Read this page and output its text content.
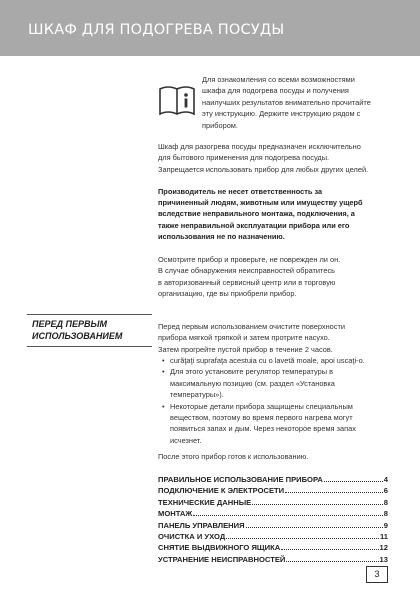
ШКАФ ДЛЯ ПОДОГРЕВА ПОСУДЫ
ПЕРЕД ПЕРВЫМ
ИСПОЛЬЗОВАНИЕМ
Для ознакомления со всеми возможностями
шкафа для подогрева посуды и получения
наилучших результатов внимательно прочитайте
эту инструкцию. Держите инструкцию рядом с
прибором.
Шкаф для разогрева посуды предназначен исключительно
для бытового применения для подогрева посуды.
Запрещается использовать прибор для любых других целей.
Производитель не несет ответственность за
причиненный людям, животным или имуществу ущерб
вследствие неправильного монтажа, подключения, а
также неправильной эксплуатации прибора или его
использования не по назначению.
Осмотрите прибор и проверьте, не поврежден ли он.
В случае обнаружения неисправностей обратитесь
в авторизованный сервисный центр или в торговую
организацию, где вы приобрели прибор.
Перед первым использованием очистите поверхности
прибора мягкой тряпкой и затем протрите насухо.
Затем прогрейте пустой прибор в течение 2 часов.
• curăţaţi suprafaţa acestuia cu o lavetă moale, apoi uscaţi-o.
• Для этого установите регулятор температуры в
максимальную позицию (см. раздел «Установка
температуры»).
• Некоторые детали прибора защищены специальным
веществом, поэтому во время первого нагрева могут
появиться запах и дым. Через некоторое время запах
исчезнет.
После этого прибор готов к использованию.
ПРАВИЛЬНОЕ ИСПОЛЬЗОВАНИЕ ПРИБОРА	4
ПОДКЛЮЧЕНИЕ К ЭЛЕКТРОСЕТИ	6
ТЕХНИЧЕСКИЕ ДАННЫЕ	8
МОНТАЖ	8
ПАНЕЛЬ УПРАВЛЕНИЯ	9
ОЧИСТКА И УХОД	11
СНЯТИЕ ВЫДВИЖНОГО ЯЩИКА	12
УСТРАНЕНИЕ НЕИСПРАВНОСТЕЙ	13
3
